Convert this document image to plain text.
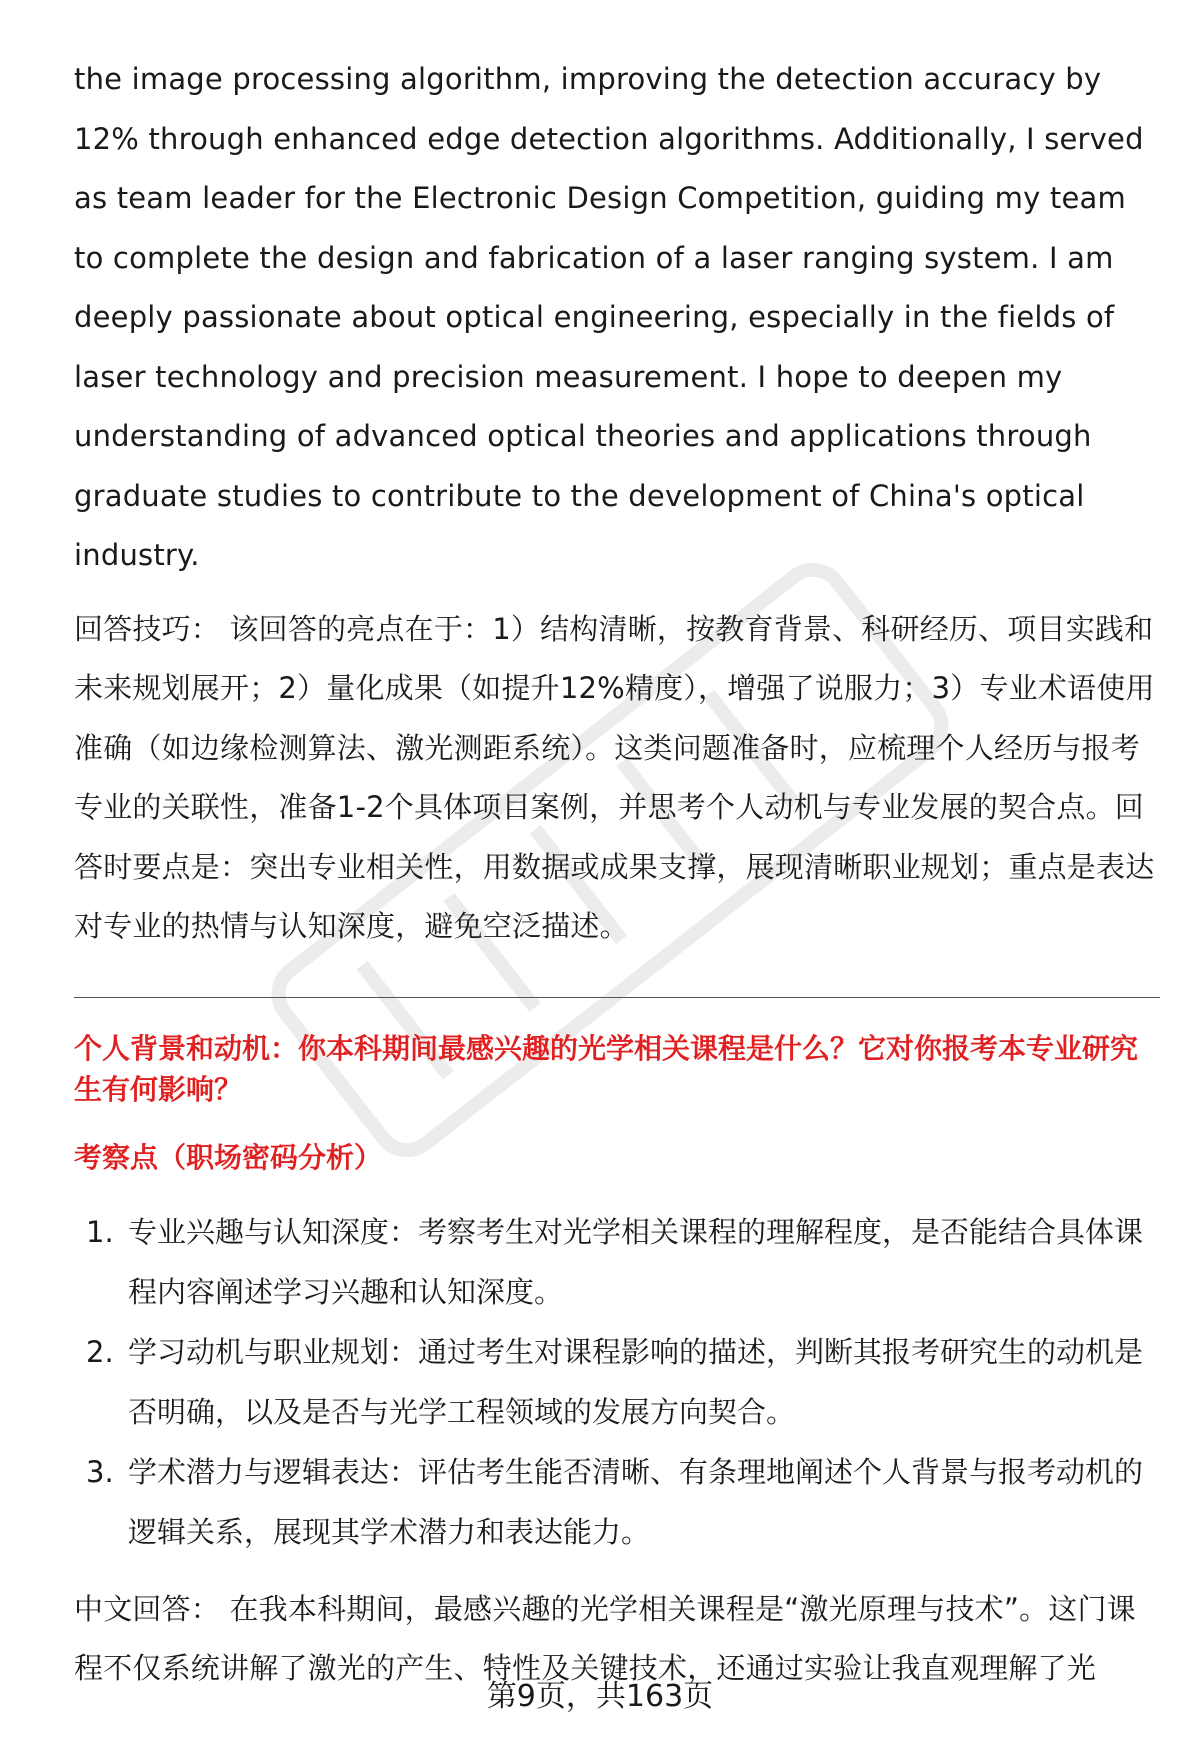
the image processing algorithm, improving the detection accuracy by 12% through enhanced edge detection algorithms. Additionally, I served as team leader for the Electronic Design Competition, guiding my team to complete the design and fabrication of a laser ranging system. I am deeply passionate about optical engineering, especially in the fields of laser technology and precision measurement. I hope to deepen my understanding of advanced optical theories and applications through graduate studies to contribute to the development of China's optical industry.

回答技巧： 该回答的亮点在于：1）结构清晰，按教育背景、科研经历、项目实践和未来规划展开；2）量化成果（如提升12%精度），增强了说服力；3）专业术语使用准确（如边缘检测算法、激光测距系统）。这类问题准备时，应梳理个人经历与报考专业的关联性，准备1-2个具体项目案例，并思考个人动机与专业发展的契合点。回答时要点是：突出专业相关性，用数据或成果支撑，展现清晰职业规划；重点是表达对专业的热情与认知深度，避免空泛描述。

个人背景和动机：你本科期间最感兴趣的光学相关课程是什么？它对你报考本专业研究生有何影响？

考察点（职场密码分析）

1. 专业兴趣与认知深度：考察考生对光学相关课程的理解程度，是否能结合具体课程内容阐述学习兴趣和认知深度。
2. 学习动机与职业规划：通过考生对课程影响的描述，判断其报考研究生的动机是否明确，以及是否与光学工程领域的发展方向契合。
3. 学术潜力与逻辑表达：评估考生能否清晰、有条理地阐述个人背景与报考动机的逻辑关系，展现其学术潜力和表达能力。

中文回答： 在我本科期间，最感兴趣的光学相关课程是“激光原理与技术”。这门课程不仅系统讲解了激光的产生、特性及关键技术，还通过实验让我直观理解了光

第9页，共163页
